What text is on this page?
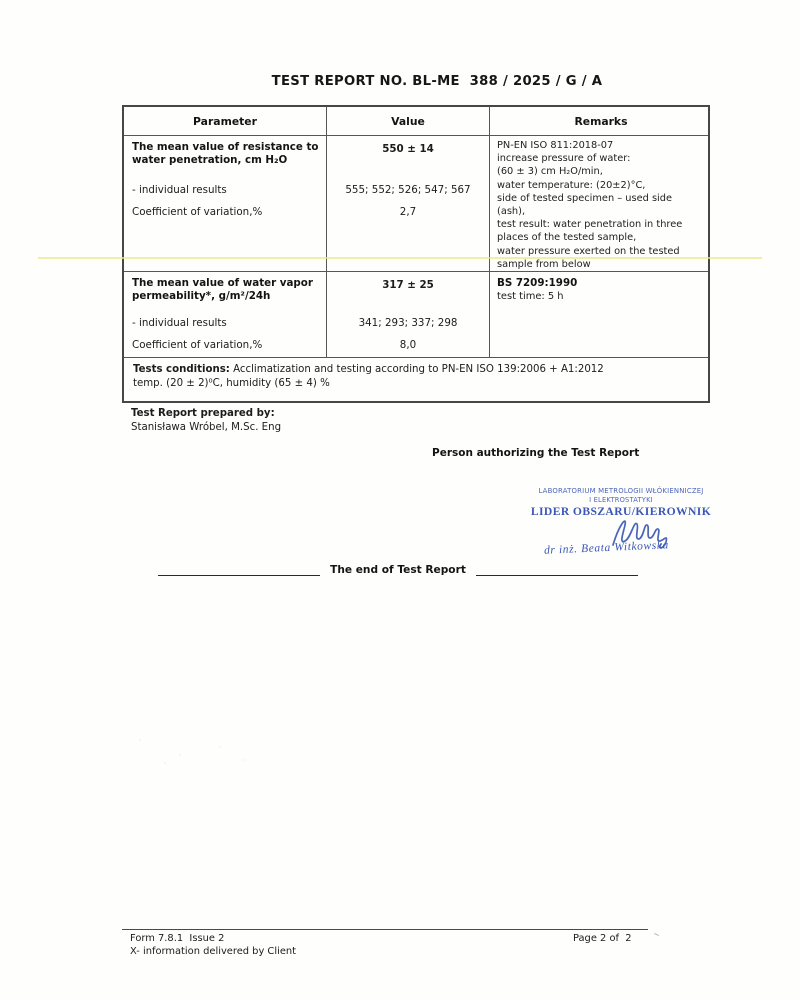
TEST REPORT NO. BL-ME  388 / 2025 / G / A
Parameter	Value	Remarks
The mean value of resistance to water penetration, cm H₂O
- individual results
Coefficient of variation,%
550 ± 14
555; 552; 526; 547; 567
2,7
PN-EN ISO 811:2018-07
increase pressure of water:
(60 ± 3) cm H₂O/min,
water temperature: (20±2)°C,
side of tested specimen – used side
(ash),
test result: water penetration in three
places of the tested sample,
water pressure exerted on the tested
sample from below
The mean value of water vapor permeability*, g/m²/24h
- individual results
Coefficient of variation,%
317 ± 25
341; 293; 337; 298
8,0
BS 7209:1990
test time: 5 h
Tests conditions: Acclimatization and testing according to PN-EN ISO 139:2006 + A1:2012
temp. (20 ± 2)⁰C, humidity (65 ± 4) %
Test Report prepared by:
Stanisława Wróbel, M.Sc. Eng
Person authorizing the Test Report
LABORATORIUM METROLOGII WŁÓKIENNICZEJ
I ELEKTROSTATYKI
LIDER OBSZARU/KIEROWNIK
dr inż. Beata Witkowska
The end of Test Report
Form 7.8.1  Issue 2
X- information delivered by Client
Page 2 of  2
